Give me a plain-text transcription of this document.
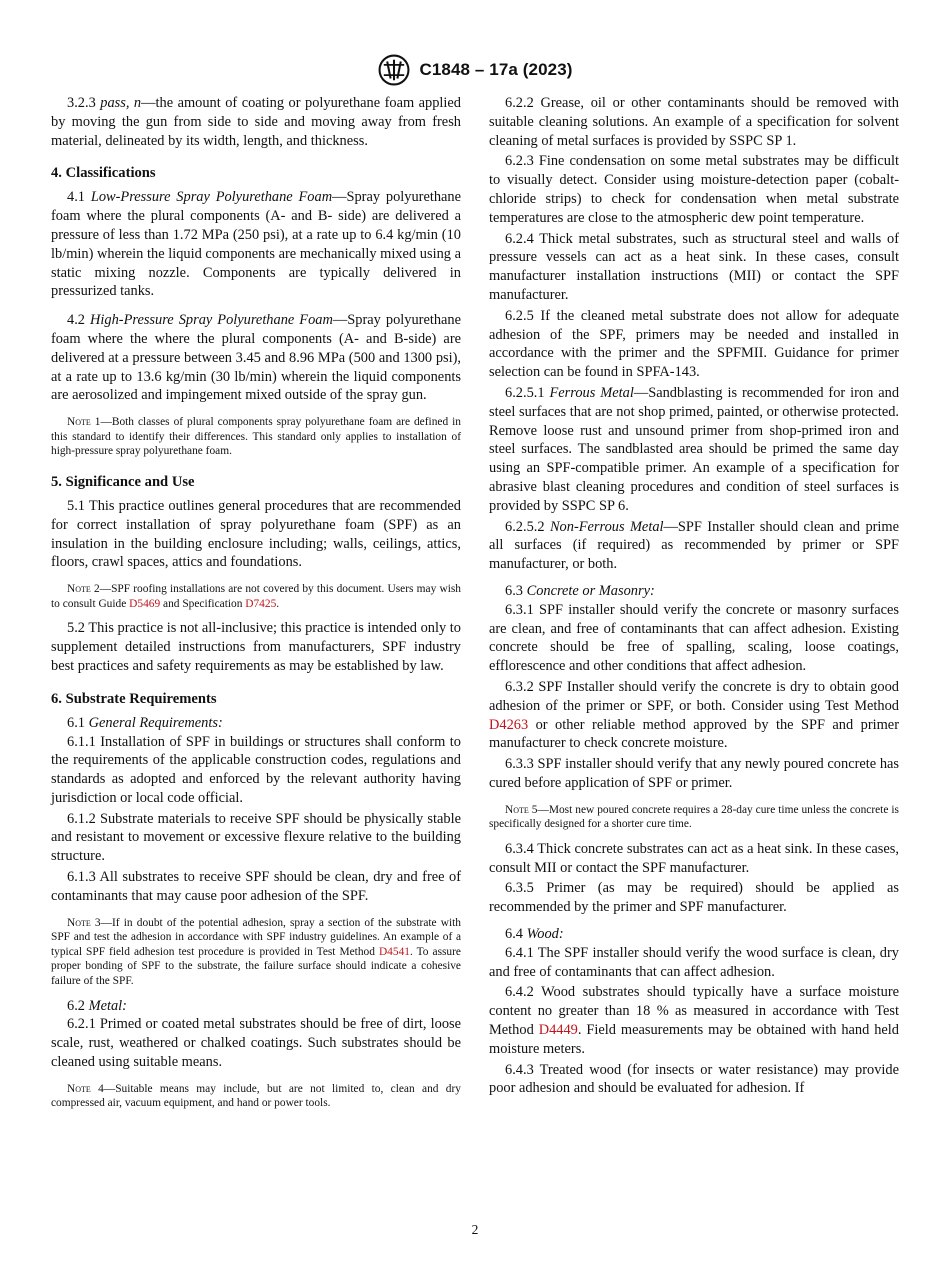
C1848 – 17a (2023)

3.2.3 pass, n—the amount of coating or polyurethane foam applied by moving the gun from side to side and moving away from fresh material, delineated by its width, length, and thickness.

4. Classifications

4.1 Low-Pressure Spray Polyurethane Foam—Spray polyurethane foam where the plural components (A- and B- side) are delivered a pressure of less than 1.72 MPa (250 psi), at a rate up to 6.4 kg/min (10 lb/min) wherein the liquid components are mechanically mixed using a static mixing nozzle. Components are typically delivered in pressurized tanks.

4.2 High-Pressure Spray Polyurethane Foam—Spray polyurethane foam where the where the plural components (A- and B-side) are delivered at a pressure between 3.45 and 8.96 MPa (500 and 1300 psi), at a rate up to 13.6 kg/min (30 lb/min) wherein the liquid components are aerosolized and impingement mixed outside of the spray gun.

Note 1—Both classes of plural components spray polyurethane foam are defined in this standard to identify their differences. This standard only applies to installation of high-pressure spray polyurethane foam.

5. Significance and Use

5.1 This practice outlines general procedures that are recommended for correct installation of spray polyurethane foam (SPF) as an insulation in the building enclosure including; walls, ceilings, attics, floors, crawl spaces, attics and foundations.

Note 2—SPF roofing installations are not covered by this document. Users may wish to consult Guide D5469 and Specification D7425.

5.2 This practice is not all-inclusive; this practice is intended only to supplement detailed instructions from manufacturers, SPF industry best practices and safety requirements as may be established by law.

6. Substrate Requirements

6.1 General Requirements:

6.1.1 Installation of SPF in buildings or structures shall conform to the requirements of the applicable construction codes, regulations and standards as adopted and enforced by the relevant authority having jurisdiction or local code official.

6.1.2 Substrate materials to receive SPF should be physically stable and resistant to movement or excessive flexure relative to the building structure.

6.1.3 All substrates to receive SPF should be clean, dry and free of contaminants that may cause poor adhesion of the SPF.

Note 3—If in doubt of the potential adhesion, spray a section of the substrate with SPF and test the adhesion in accordance with SPF industry guidelines. An example of a typical SPF field adhesion test procedure is provided in Test Method D4541. To assure proper bonding of SPF to the substrate, the failure surface should indicate a cohesive failure of the SPF.

6.2 Metal:

6.2.1 Primed or coated metal substrates should be free of dirt, loose scale, rust, weathered or chalked coatings. Such substrates should be cleaned using suitable means.

Note 4—Suitable means may include, but are not limited to, clean and dry compressed air, vacuum equipment, and hand or power tools.

6.2.2 Grease, oil or other contaminants should be removed with suitable cleaning solutions. An example of a specification for solvent cleaning of metal surfaces is provided by SSPC SP 1.

6.2.3 Fine condensation on some metal substrates may be difficult to visually detect. Consider using moisture-detection paper (cobalt-chloride strips) to check for condensation when metal substrate temperatures are close to the atmospheric dew point temperature.

6.2.4 Thick metal substrates, such as structural steel and walls of pressure vessels can act as a heat sink. In these cases, consult manufacturer installation instructions (MII) or contact the SPF manufacturer.

6.2.5 If the cleaned metal substrate does not allow for adequate adhesion of the SPF, primers may be needed and installed in accordance with the primer and the SPFMII. Guidance for primer selection can be found in SPFA-143.

6.2.5.1 Ferrous Metal—Sandblasting is recommended for iron and steel surfaces that are not shop primed, painted, or otherwise protected. Remove loose rust and unsound primer from shop-primed iron and steel surfaces. The sandblasted area should be primed the same day using an SPF-compatible primer. An example of a specification for abrasive blast cleaning procedures and condition of steel surfaces is provided by SSPC SP 6.

6.2.5.2 Non-Ferrous Metal—SPF Installer should clean and prime all surfaces (if required) as recommended by primer or SPF manufacturer, or both.

6.3 Concrete or Masonry:

6.3.1 SPF installer should verify the concrete or masonry surfaces are clean, and free of contaminants that can affect adhesion. Existing concrete should be free of spalling, scaling, loose coatings, efflorescence and other conditions that affect adhesion.

6.3.2 SPF Installer should verify the concrete is dry to obtain good adhesion of the primer or SPF, or both. Consider using Test Method D4263 or other reliable method approved by the SPF and primer manufacturer to check concrete moisture.

6.3.3 SPF installer should verify that any newly poured concrete has cured before application of SPF or primer.

Note 5—Most new poured concrete requires a 28-day cure time unless the concrete is specifically designed for a shorter cure time.

6.3.4 Thick concrete substrates can act as a heat sink. In these cases, consult MII or contact the SPF manufacturer.

6.3.5 Primer (as may be required) should be applied as recommended by the primer and SPF manufacturer.

6.4 Wood:

6.4.1 The SPF installer should verify the wood surface is clean, dry and free of contaminants that can affect adhesion.

6.4.2 Wood substrates should typically have a surface moisture content no greater than 18 % as measured in accordance with Test Method D4449. Field measurements may be obtained with hand held moisture meters.

6.4.3 Treated wood (for insects or water resistance) may provide poor adhesion and should be evaluated for adhesion. If

2
